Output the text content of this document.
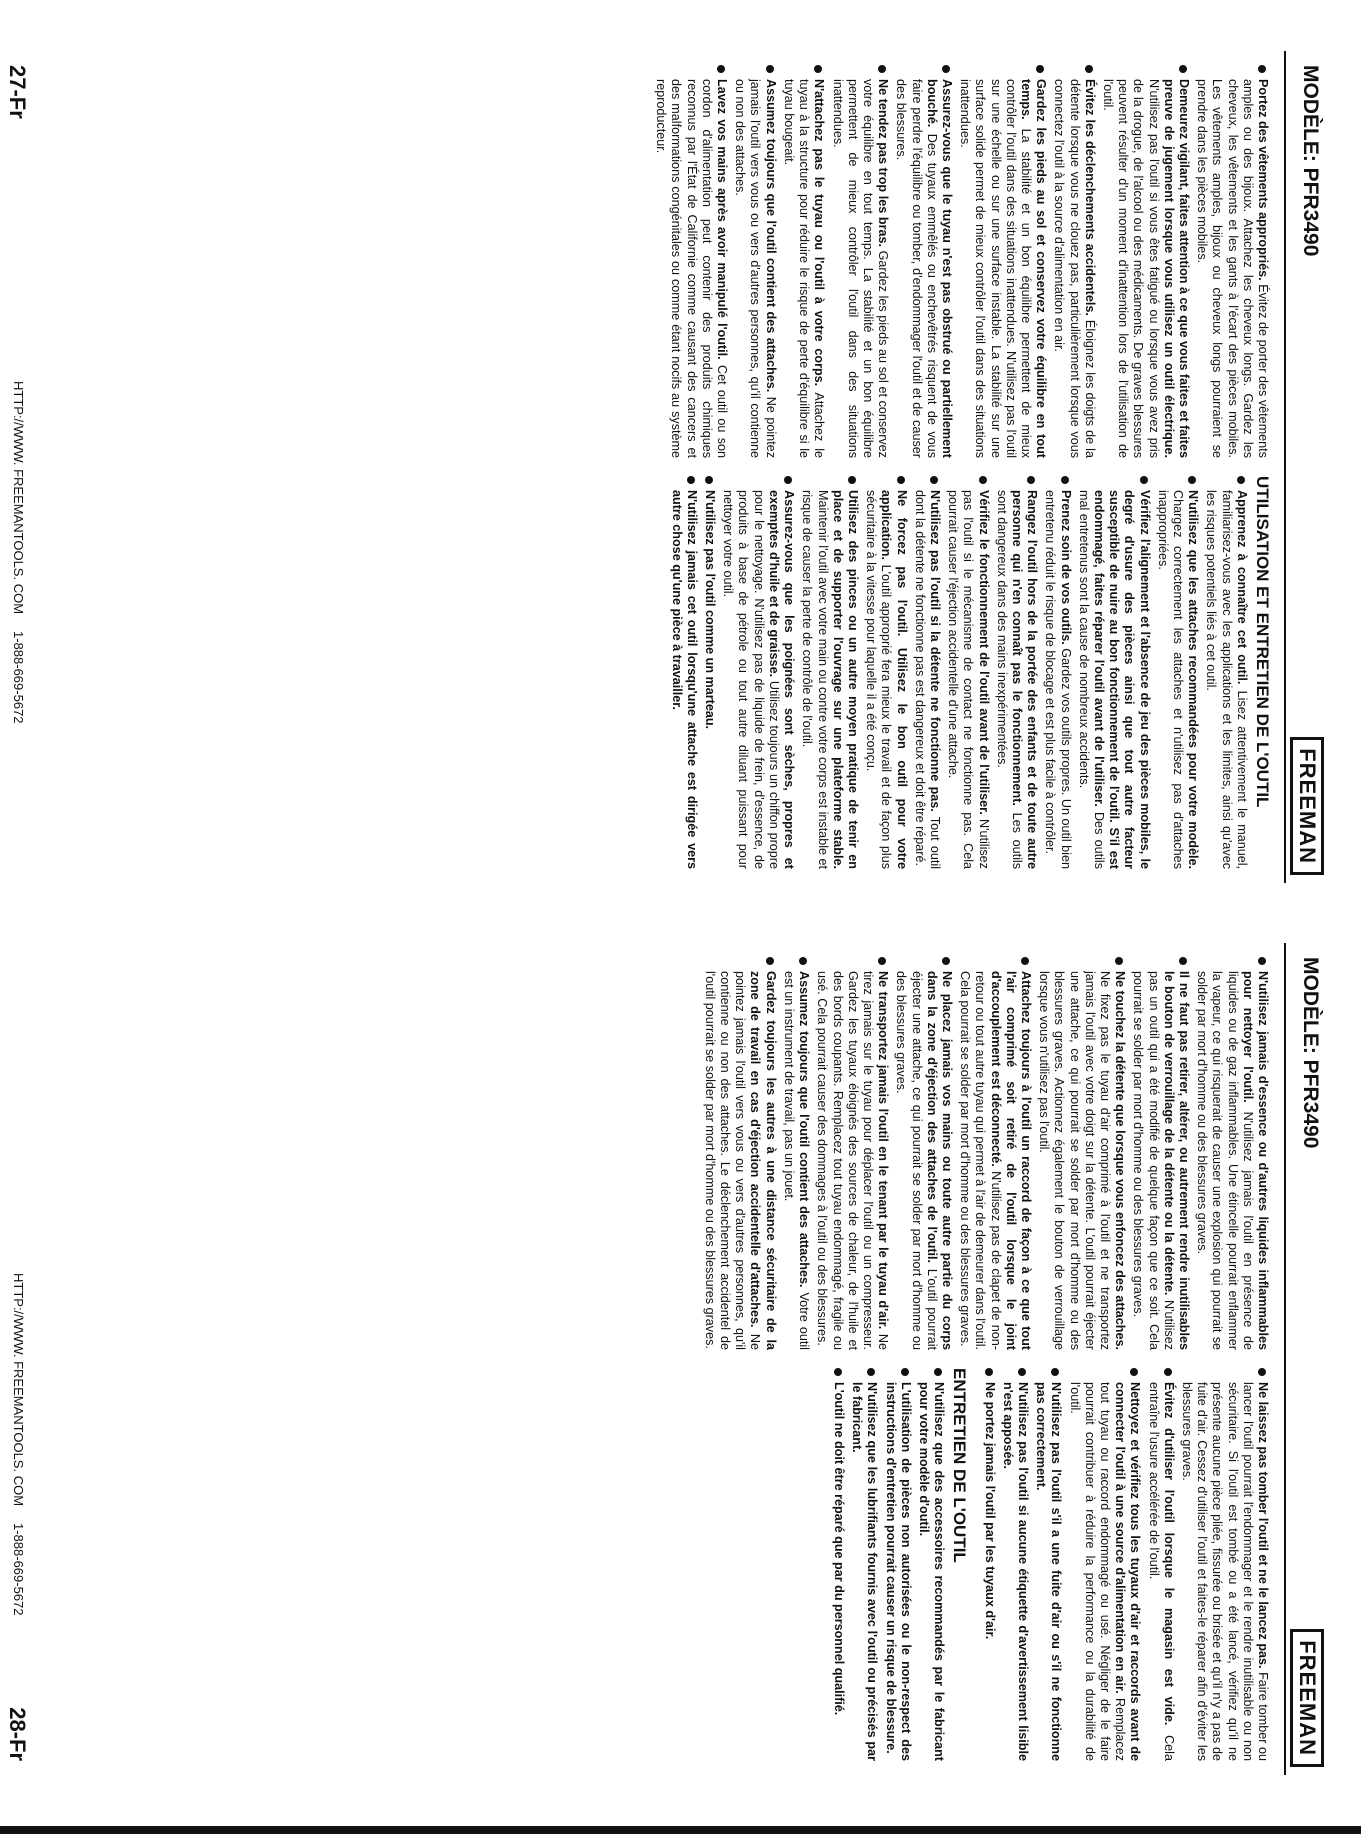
MODÈLE: PFR3490
FREEMAN
Portez des vêtements appropriés. Évitez de porter des vêtements amples ou des bijoux. Attachez les cheveux longs. Gardez les cheveux, les vêtements et les gants à l'écart des pièces mobiles. Les vêtements amples, bijoux ou cheveux longs pourraient se prendre dans les pièces mobiles.
Demeurez vigilant, faites attention à ce que vous faites et faites preuve de jugement lorsque vous utilisez un outil électrique. N'utilisez pas l'outil si vous êtes fatigué ou lorsque vous avez pris de la drogue, de l'alcool ou des médicaments. De graves blessures peuvent résulter d'un moment d'inattention lors de l'utilisation de l'outil.
Évitez les déclenchements accidentels. Éloignez les doigts de la détente lorsque vous ne clouez pas, particulièrement lorsque vous connectez l'outil à la source d'alimentation en air.
Gardez les pieds au sol et conservez votre équilibre en tout temps. La stabilité et un bon équilibre permettent de mieux contrôler l'outil dans des situations inattendues. N'utilisez pas l'outil sur une échelle ou sur une surface instable. La stabilité sur une surface solide permet de mieux contrôler l'outil dans des situations inattendues.
Assurez-vous que le tuyau n'est pas obstrué ou partiellement bouché. Des tuyaux emmêlés ou enchevêtrés risquent de vous faire perdre l'équilibre ou tomber, d'endommager l'outil et de causer des blessures.
Ne tendez pas trop les bras. Gardez les pieds au sol et conservez votre équilibre en tout temps. La stabilité et un bon équilibre permettent de mieux contrôler l'outil dans des situations inattendues.
N'attachez pas le tuyau ou l'outil à votre corps. Attachez le tuyau à la structure pour réduire le risque de perte d'équilibre si le tuyau bougeait.
Assumez toujours que l'outil contient des attaches. Ne pointez jamais l'outil vers vous ou vers d'autres personnes, qu'il contienne ou non des attaches.
Lavez vos mains après avoir manipulé l'outil. Cet outil ou son cordon d'alimentation peut contenir des produits chimiques reconnus par l'État de Californie comme causant des cancers et des malformations congénitales ou comme étant nocifs au système reproducteur.
UTILISATION ET ENTRETIEN DE L'OUTIL
Apprenez à connaître cet outil. Lisez attentivement le manuel, familiarisez-vous avec les applications et les limites, ainsi qu'avec les risques potentiels liés à cet outil.
N'utilisez que les attaches recommandées pour votre modèle. Chargez correctement les attaches et n'utilisez pas d'attaches inappropriées.
Vérifiez l'alignement et l'absence de jeu des pièces mobiles, le degré d'usure des pièces ainsi que tout autre facteur susceptible de nuire au bon fonctionnement de l'outil. S'il est endommagé, faites réparer l'outil avant de l'utiliser. Des outils mal entretenus sont la cause de nombreux accidents.
Prenez soin de vos outils. Gardez vos outils propres. Un outil bien entretenu réduit le risque de blocage et est plus facile à contrôler.
Rangez l'outil hors de la portée des enfants et de toute autre personne qui n'en connaît pas le fonctionnement. Les outils sont dangereux dans des mains inexpérimentées.
Vérifiez le fonctionnement de l'outil avant de l'utiliser. N'utilisez pas l'outil si le mécanisme de contact ne fonctionne pas. Cela pourrait causer l'éjection accidentelle d'une attache.
N'utilisez pas l'outil si la détente ne fonctionne pas. Tout outil dont la détente ne fonctionne pas est dangereux et doit être réparé.
Ne forcez pas l'outil. Utilisez le bon outil pour votre application. L'outil approprié fera mieux le travail et de façon plus sécuritaire à la vitesse pour laquelle il a été conçu.
Utilisez des pinces ou un autre moyen pratique de tenir en place et de supporter l'ouvrage sur une plateforme stable. Maintenir l'outil avec votre main ou contre votre corps est instable et risque de causer la perte de contrôle de l'outil.
Assurez-vous que les poignées sont sèches, propres et exemptes d'huile et de graisse. Utilisez toujours un chiffon propre pour le nettoyage. N'utilisez pas de liquide de frein, d'essence, de produits à base de pétrole ou tout autre diluant puissant pour nettoyer votre outil.
N'utilisez pas l'outil comme un marteau.
N'utilisez jamais cet outil lorsqu'une attache est dirigée vers autre chose qu'une pièce à travailler.
27-Fr
HTTP://WWW. FREEMANTOOLS. COM
1-888-669-5672
MODÈLE: PFR3490
FREEMAN
N'utilisez jamais d'essence ou d'autres liquides inflammables pour nettoyer l'outil. N'utilisez jamais l'outil en présence de liquides ou de gaz inflammables. Une étincelle pourrait enflammer la vapeur, ce qui risquerait de causer une explosion qui pourrait se solder par mort d'homme ou des blessures graves.
Il ne faut pas retirer, altérer, ou autrement rendre inutilisables le bouton de verrouillage de la détente ou la détente. N'utilisez pas un outil qui a été modifié de quelque façon que ce soit. Cela pourrait se solder par mort d'homme ou des blessures graves.
Ne touchez la détente que lorsque vous enfoncez des attaches. Ne fixez pas le tuyau d'air comprimé à l'outil et ne transportez jamais l'outil avec votre doigt sur la détente. L'outil pourrait éjecter une attache, ce qui pourrait se solder par mort d'homme ou des blessures graves. Actionnez également le bouton de verrouillage lorsque vous n'utilisez pas l'outil.
Attachez toujours à l'outil un raccord de façon à ce que tout l'air comprimé soit retiré de l'outil lorsque le joint d'accouplement est déconnecté. N'utilisez pas de clapet de non-retour ou tout autre tuyau qui permet à l'air de demeurer dans l'outil. Cela pourrait se solder par mort d'homme ou des blessures graves.
Ne placez jamais vos mains ou toute autre partie du corps dans la zone d'éjection des attaches de l'outil. L'outil pourrait éjecter une attache, ce qui pourrait se solder par mort d'homme ou des blessures graves.
Ne transportez jamais l'outil en le tenant par le tuyau d'air. Ne tirez jamais sur le tuyau pour déplacer l'outil ou un compresseur. Gardez les tuyaux éloignés des sources de chaleur, de l'huile et des bords coupants. Remplacez tout tuyau endommagé, fragile ou usé. Cela pourrait causer des dommages à l'outil ou des blessures.
Assumez toujours que l'outil contient des attaches. Votre outil est un instrument de travail, pas un jouet.
Gardez toujours les autres à une distance sécuritaire de la zone de travail en cas d'éjection accidentelle d'attaches. Ne pointez jamais l'outil vers vous ou vers d'autres personnes, qu'il contienne ou non des attaches. Le déclenchement accidentel de l'outil pourrait se solder par mort d'homme ou des blessures graves.
Ne laissez pas tomber l'outil et ne le lancez pas. Faire tomber ou lancer l'outil pourrait l'endommager et le rendre inutilisable ou non sécuritaire. Si l'outil est tombé ou a été lancé, vérifiez qu'il ne présente aucune pièce pliée, fissurée ou brisée et qu'il n'y a pas de fuite d'air. Cessez d'utiliser l'outil et faites-le réparer afin d'éviter les blessures graves.
Évitez d'utiliser l'outil lorsque le magasin est vide. Cela entraîne l'usure accélérée de l'outil.
Nettoyez et vérifiez tous les tuyaux d'air et raccords avant de connecter l'outil à une source d'alimentation en air. Remplacez tout tuyau ou raccord endommagé ou usé. Négliger de le faire pourrait contribuer à réduire la performance ou la durabilité de l'outil.
N'utilisez pas l'outil s'il a une fuite d'air ou s'il ne fonctionne pas correctement.
N'utilisez pas l'outil si aucune étiquette d'avertissement lisible n'est apposée.
Ne portez jamais l'outil par les tuyaux d'air.
ENTRETIEN DE L'OUTIL
N'utilisez que des accessoires recommandés par le fabricant pour votre modèle d'outil.
L'utilisation de pièces non autorisées ou le non-respect des instructions d'entretien pourrait causer un risque de blessure.
N'utilisez que les lubrifiants fournis avec l'outil ou précisés par le fabricant.
L'outil ne doit être réparé que par du personnel qualifié.
HTTP://WWW. FREEMANTOOLS. COM
1-888-669-5672
28-Fr
